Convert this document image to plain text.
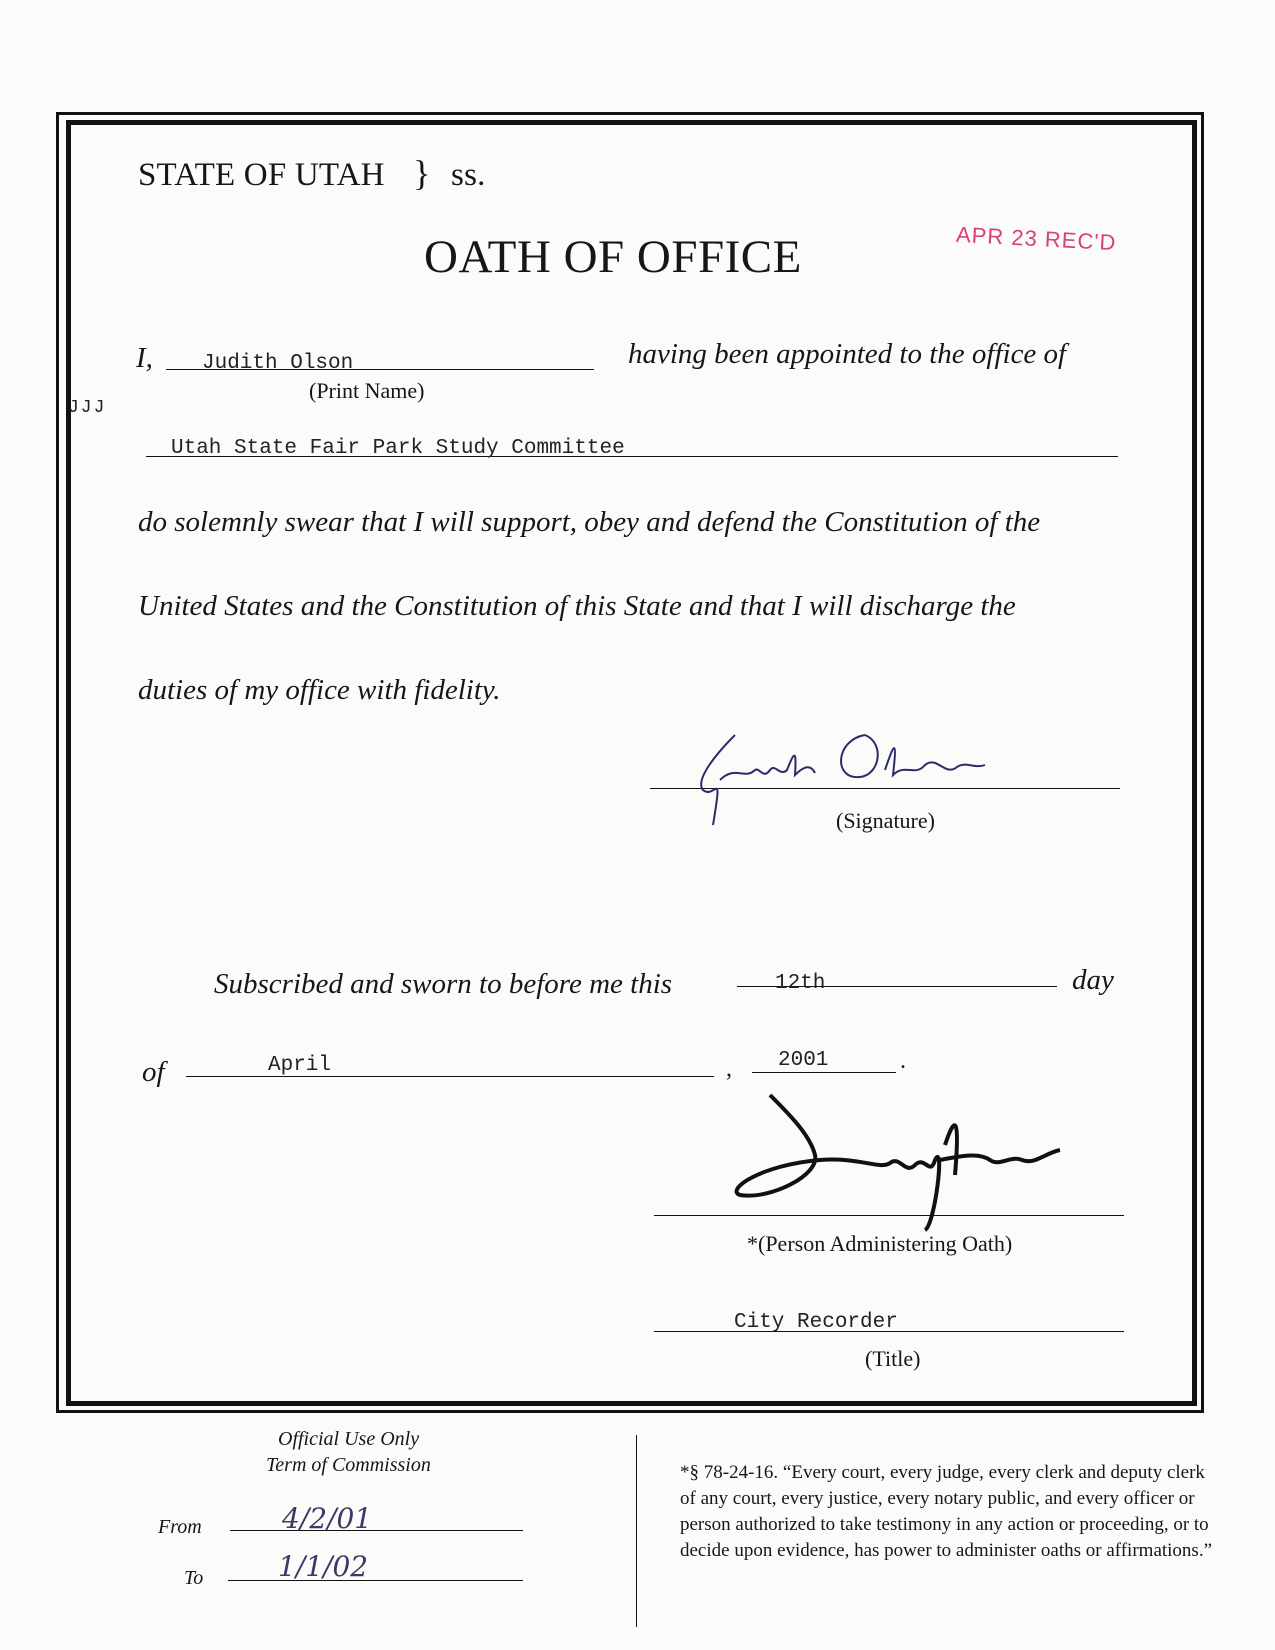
STATE OF UTAH } ss.
OATH OF OFFICE	APR 23 REC'D
I, Judith Olson
(Print Name)
having been appointed to the office of
JJJ
Utah State Fair Park Study Committee
do solemnly swear that I will support, obey and defend the Constitution of the
United States and the Constitution of this State and that I will discharge the
duties of my office with fidelity.
(Signature)
Subscribed and sworn to before me this	12th	day
of	April	, 2001	.
*(Person Administering Oath)
City Recorder
(Title)
Official Use Only
Term of Commission
From	4/2/01
To	1/1/02
*§ 78-24-16. “Every court, every judge, every clerk and deputy clerk of any court, every justice, every notary public, and every officer or person authorized to take testimony in any action or proceeding, or to decide upon evidence, has power to administer oaths or affirmations.”
